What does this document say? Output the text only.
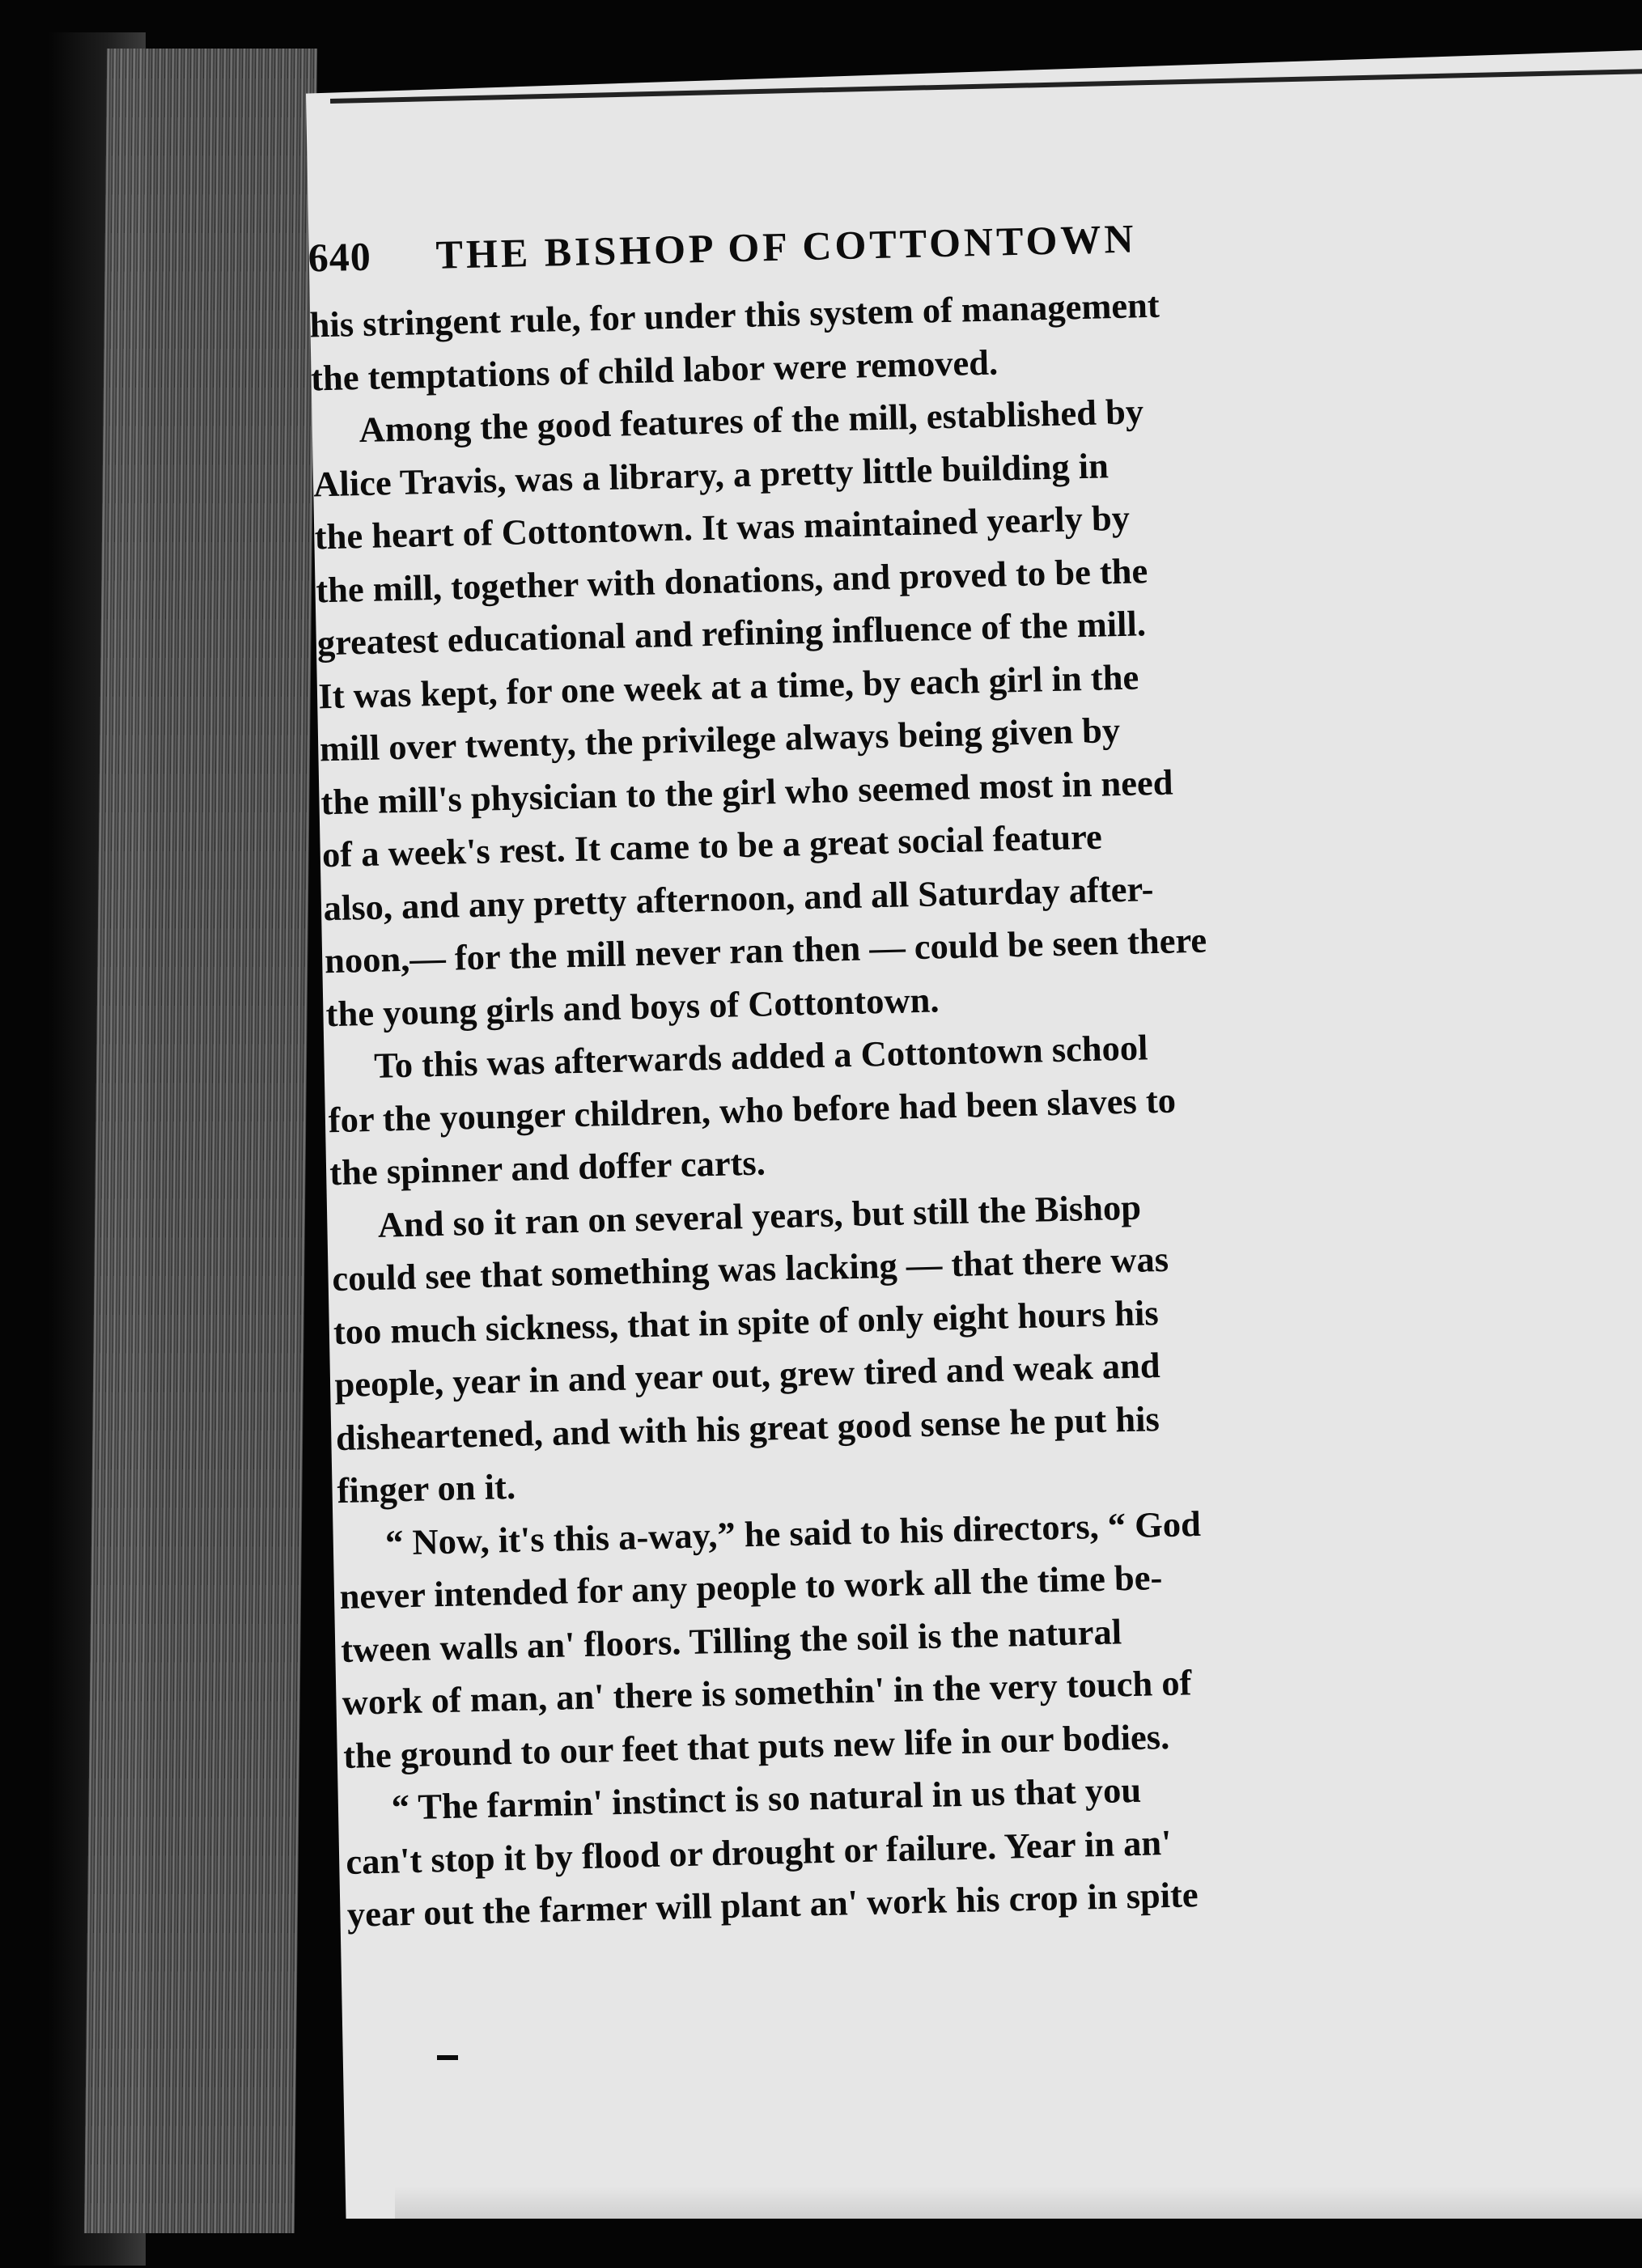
640 THE BISHOP OF COTTONTOWN
his stringent rule, for under this system of management
the temptations of child labor were removed.
Among the good features of the mill, established by
Alice Travis, was a library, a pretty little building in
the heart of Cottontown. It was maintained yearly by
the mill, together with donations, and proved to be the
greatest educational and refining influence of the mill.
It was kept, for one week at a time, by each girl in the
mill over twenty, the privilege always being given by
the mill's physician to the girl who seemed most in need
of a week's rest. It came to be a great social feature
also, and any pretty afternoon, and all Saturday after-
noon,— for the mill never ran then — could be seen there
the young girls and boys of Cottontown.
To this was afterwards added a Cottontown school
for the younger children, who before had been slaves to
the spinner and doffer carts.
And so it ran on several years, but still the Bishop
could see that something was lacking — that there was
too much sickness, that in spite of only eight hours his
people, year in and year out, grew tired and weak and
disheartened, and with his great good sense he put his
finger on it.
“ Now, it's this a-way,” he said to his directors, “ God
never intended for any people to work all the time be-
tween walls an' floors. Tilling the soil is the natural
work of man, an' there is somethin' in the very touch of
the ground to our feet that puts new life in our bodies.
“ The farmin' instinct is so natural in us that you
can't stop it by flood or drought or failure. Year in an'
year out the farmer will plant an' work his crop in spite
